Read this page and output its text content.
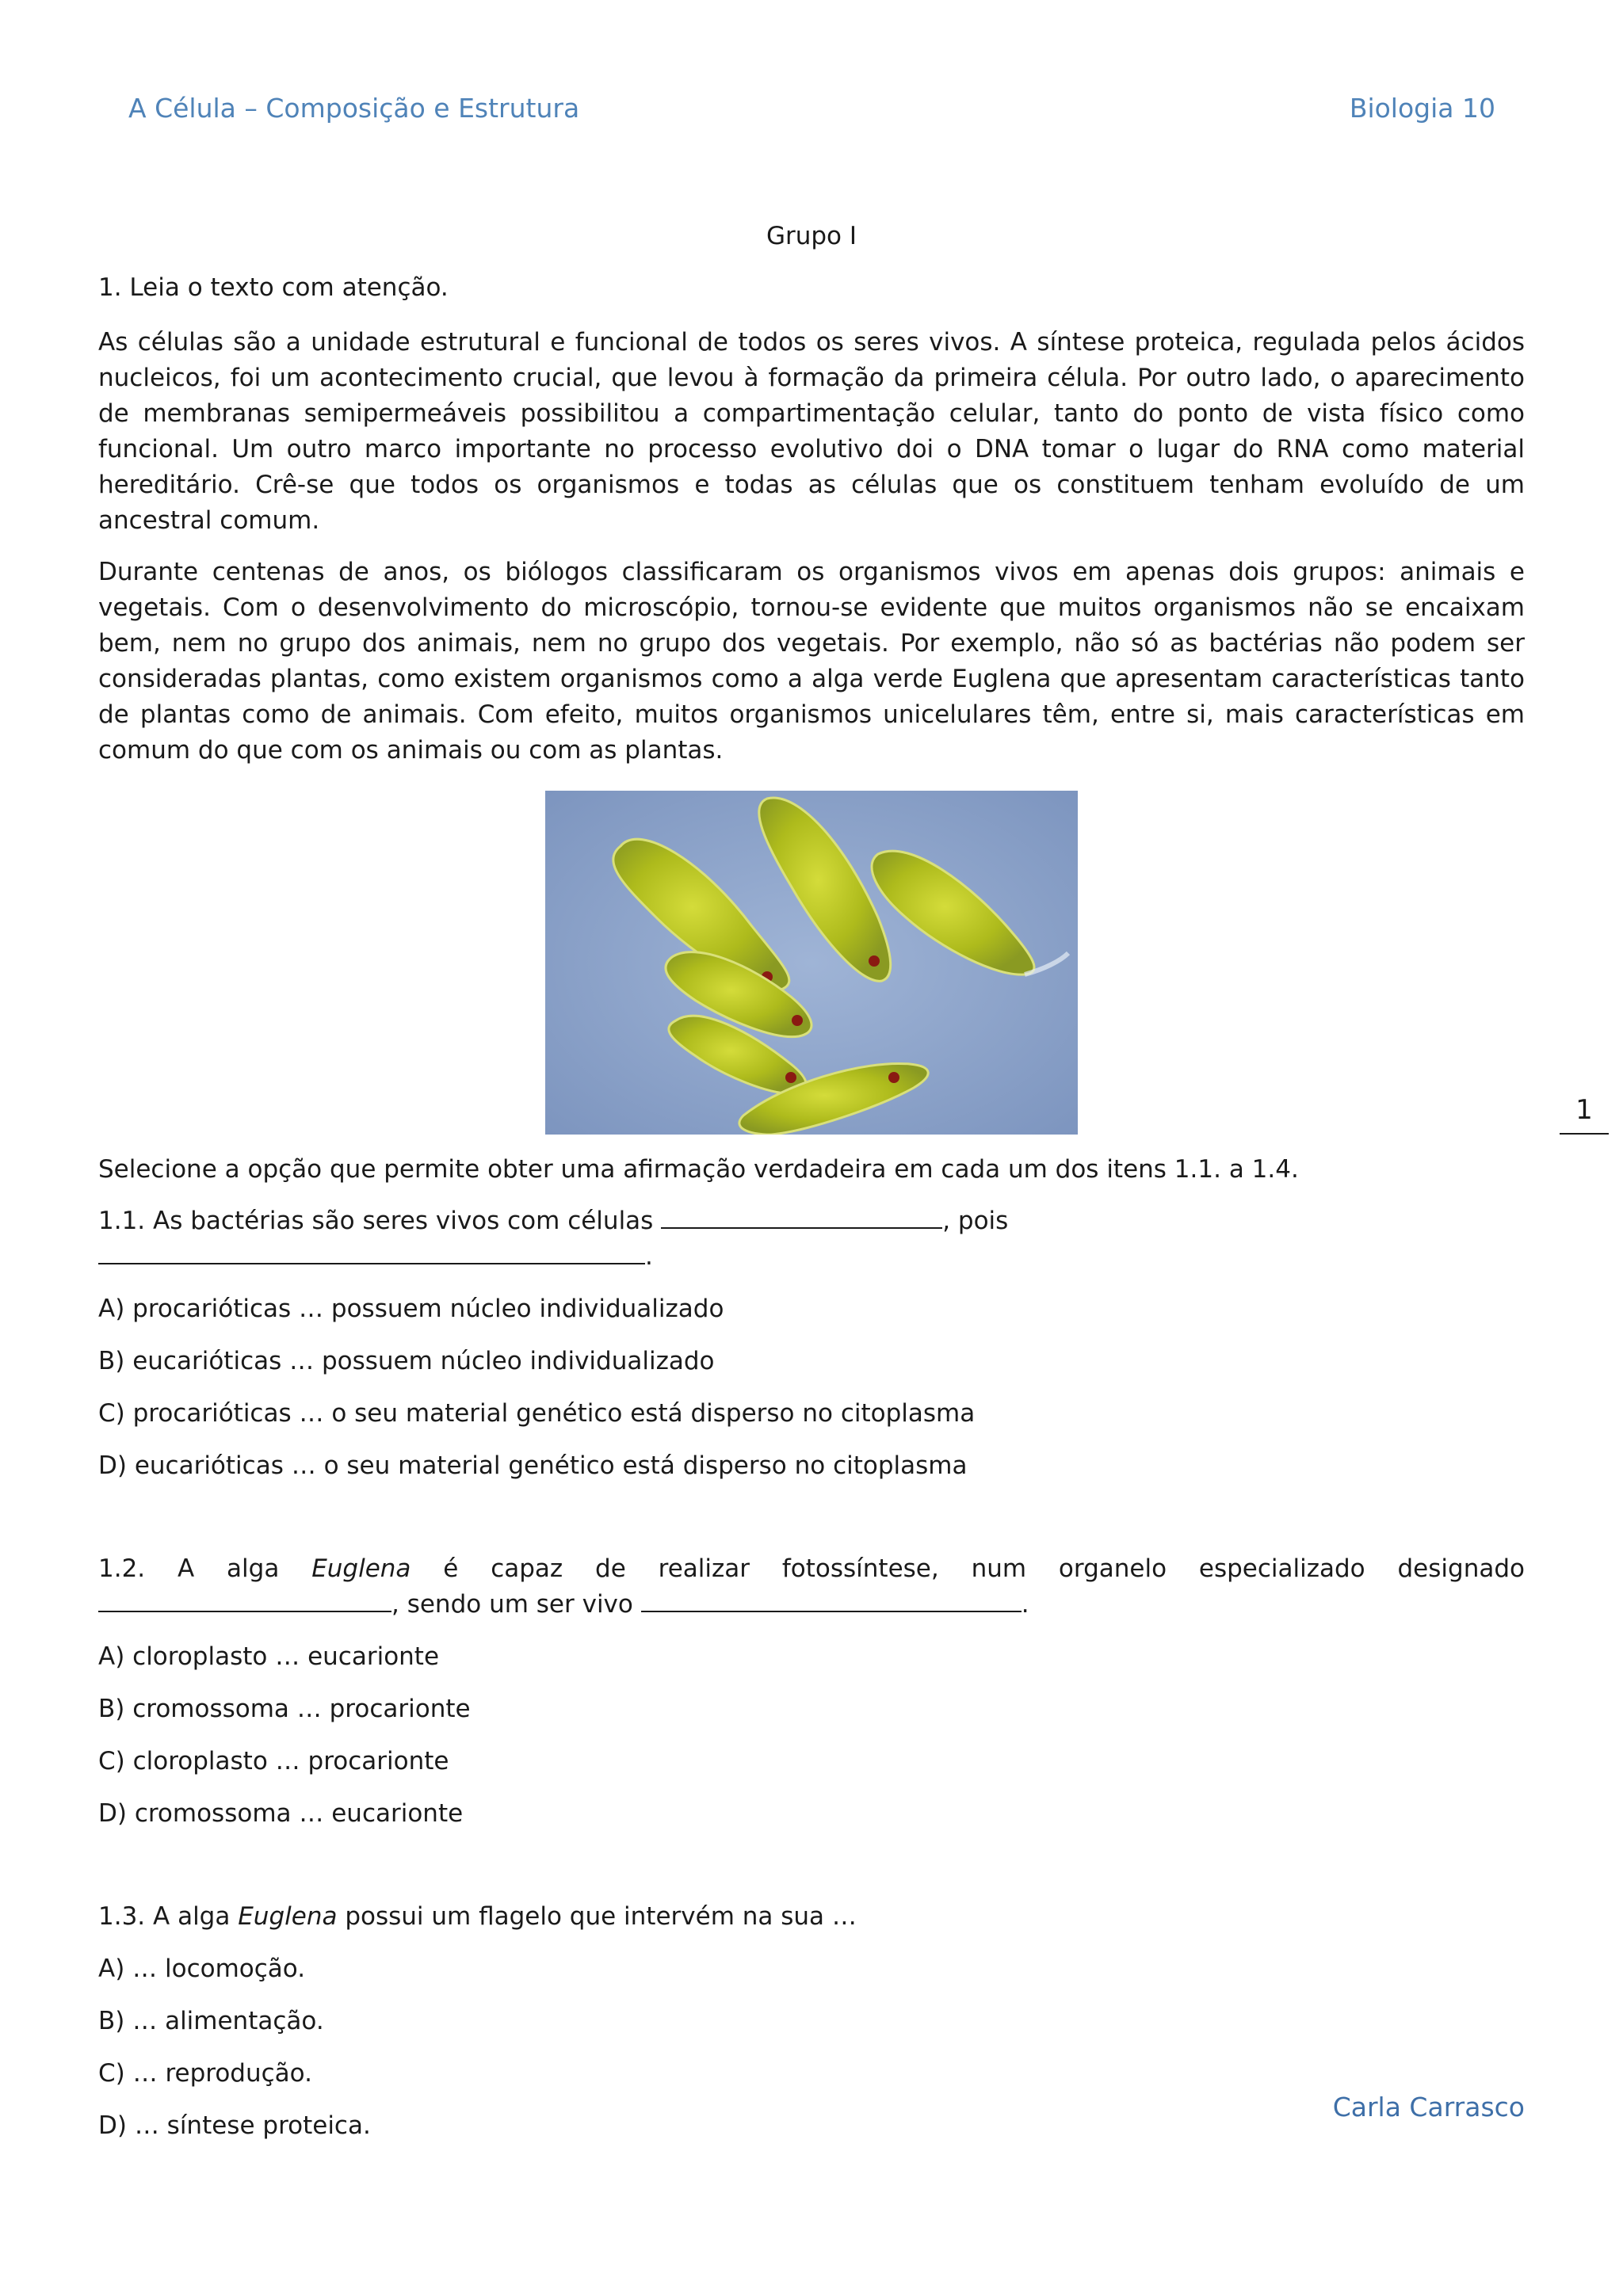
A Célula – Composição e Estrutura	Biologia 10

Grupo I

1. Leia o texto com atenção.

As células são a unidade estrutural e funcional de todos os seres vivos. A síntese proteica, regulada pelos ácidos nucleicos, foi um acontecimento crucial, que levou à formação da primeira célula. Por outro lado, o aparecimento de membranas semipermeáveis possibilitou a compartimentação celular, tanto do ponto de vista físico como funcional. Um outro marco importante no processo evolutivo doi o DNA tomar o lugar do RNA como material hereditário. Crê-se que todos os organismos e todas as células que os constituem tenham evoluído de um ancestral comum.

Durante centenas de anos, os biólogos classificaram os organismos vivos em apenas dois grupos: animais e vegetais. Com o desenvolvimento do microscópio, tornou-se evidente que muitos organismos não se encaixam bem, nem no grupo dos animais, nem no grupo dos vegetais. Por exemplo, não só as bactérias não podem ser consideradas plantas, como existem organismos como a alga verde Euglena que apresentam características tanto de plantas como de animais. Com efeito, muitos organismos unicelulares têm, entre si, mais características em comum do que com os animais ou com as plantas.

Selecione a opção que permite obter uma afirmação verdadeira em cada um dos itens 1.1. a 1.4.

1.1. As bactérias são seres vivos com células	, pois .

A) procarióticas … possuem núcleo individualizado

B) eucarióticas … possuem núcleo individualizado

C) procarióticas … o seu material genético está disperso no citoplasma

D) eucarióticas … o seu material genético está disperso no citoplasma

1.2. A alga Euglena é capaz de realizar fotossíntese, num organelo especializado designado , sendo um ser vivo	.

A) cloroplasto … eucarionte

B) cromossoma … procarionte

C) cloroplasto … procarionte

D) cromossoma … eucarionte

1.3. A alga Euglena possui um flagelo que intervém na sua …

A) … locomoção.

B) … alimentação.

C) … reprodução.

D) … síntese proteica.

1
Carla Carrasco
